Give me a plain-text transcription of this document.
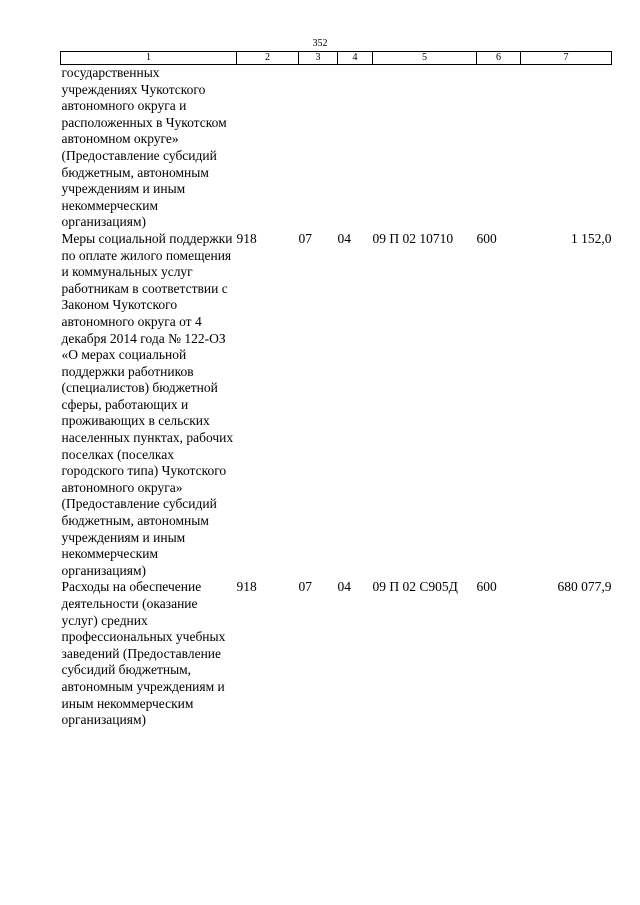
352
1	2	3	4	5	6	7
государственных учреждениях Чукотского автономного округа и расположенных в Чукотском автономном округе» (Предоставление субсидий бюджетным, автономным учреждениям и иным некоммерческим организациям)						
Меры социальной поддержки по оплате жилого помещения и коммунальных услуг работникам в соответствии с Законом Чукотского автономного округа от 4 декабря 2014 года № 122-ОЗ «О мерах социальной поддержки работников (специалистов) бюджетной сферы, работающих и проживающих в сельских населенных пунктах, рабочих поселках (поселках городского типа) Чукотского автономного округа» (Предоставление субсидий бюджетным, автономным учреждениям и иным некоммерческим организациям)	918	07	04	09 П 02 10710	600	1 152,0
Расходы на обеспечение деятельности (оказание услуг) средних профессиональных учебных заведений (Предоставление субсидий бюджетным, автономным учреждениям и иным некоммерческим организациям)	918	07	04	09 П 02 С905Д	600	680 077,9
